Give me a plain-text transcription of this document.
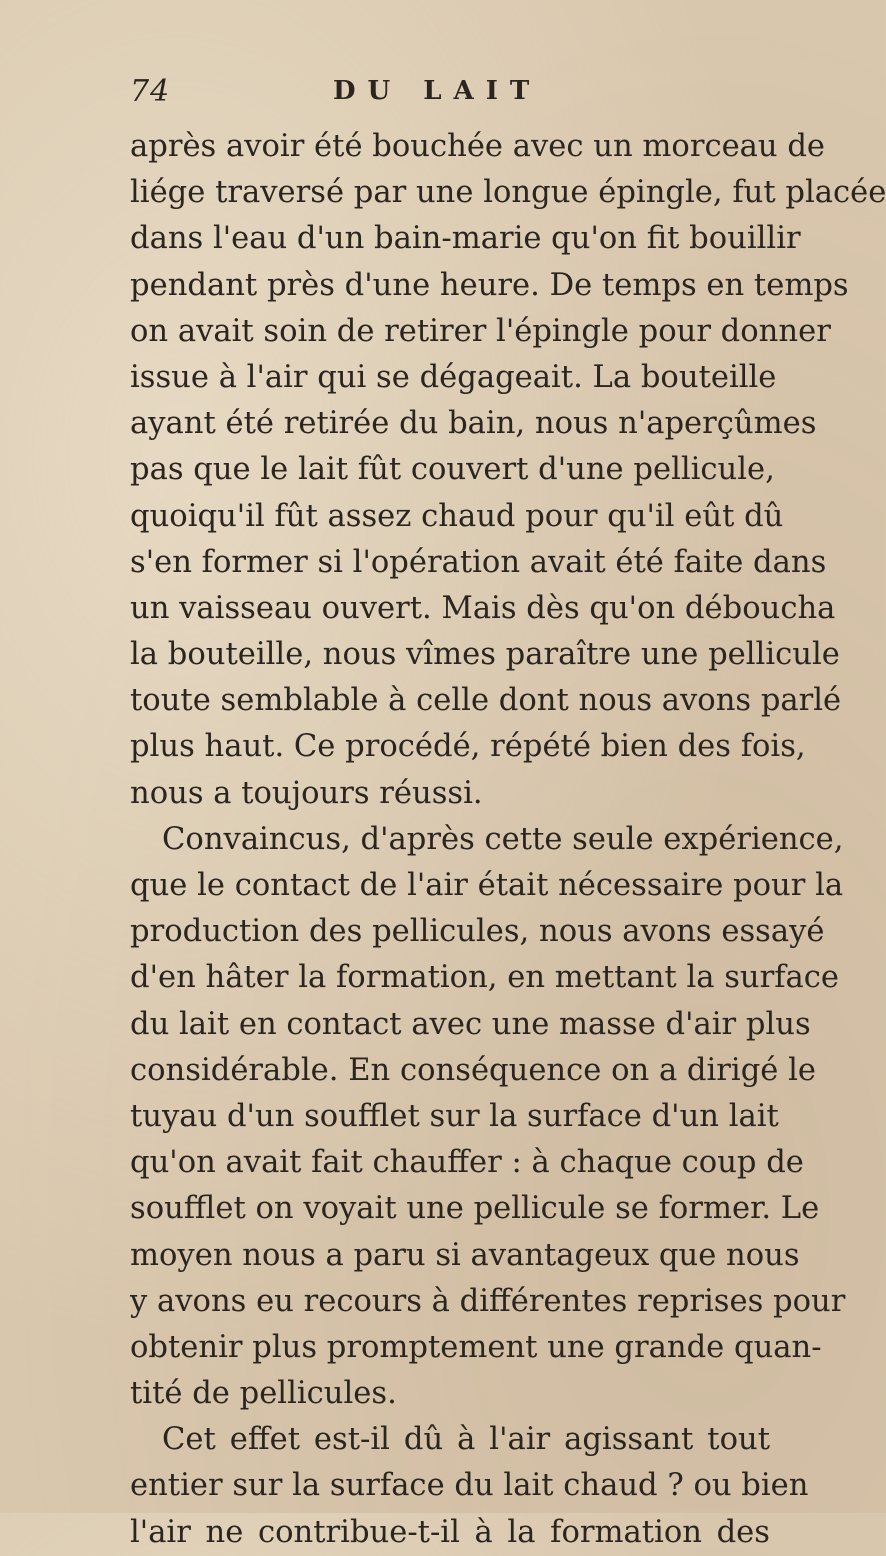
74	DU LAIT
après avoir été bouchée avec un morceau de
liége traversé par une longue épingle, fut placée
dans l'eau d'un bain-marie qu'on fit bouillir
pendant près d'une heure. De temps en temps
on avait soin de retirer l'épingle pour donner
issue à l'air qui se dégageait. La bouteille
ayant été retirée du bain, nous n'aperçûmes
pas que le lait fût couvert d'une pellicule,
quoiqu'il fût assez chaud pour qu'il eût dû
s'en former si l'opération avait été faite dans
un vaisseau ouvert. Mais dès qu'on déboucha
la bouteille, nous vîmes paraître une pellicule
toute semblable à celle dont nous avons parlé
plus haut. Ce procédé, répété bien des fois,
nous a toujours réussi.
Convaincus, d'après cette seule expérience,
que le contact de l'air était nécessaire pour la
production des pellicules, nous avons essayé
d'en hâter la formation, en mettant la surface
du lait en contact avec une masse d'air plus
considérable. En conséquence on a dirigé le
tuyau d'un soufflet sur la surface d'un lait
qu'on avait fait chauffer : à chaque coup de
soufflet on voyait une pellicule se former. Le
moyen nous a paru si avantageux que nous
y avons eu recours à différentes reprises pour
obtenir plus promptement une grande quan-
tité de pellicules.
Cet effet est-il dû à l'air agissant tout
entier sur la surface du lait chaud ? ou bien
l'air ne contribue-t-il à la formation des
